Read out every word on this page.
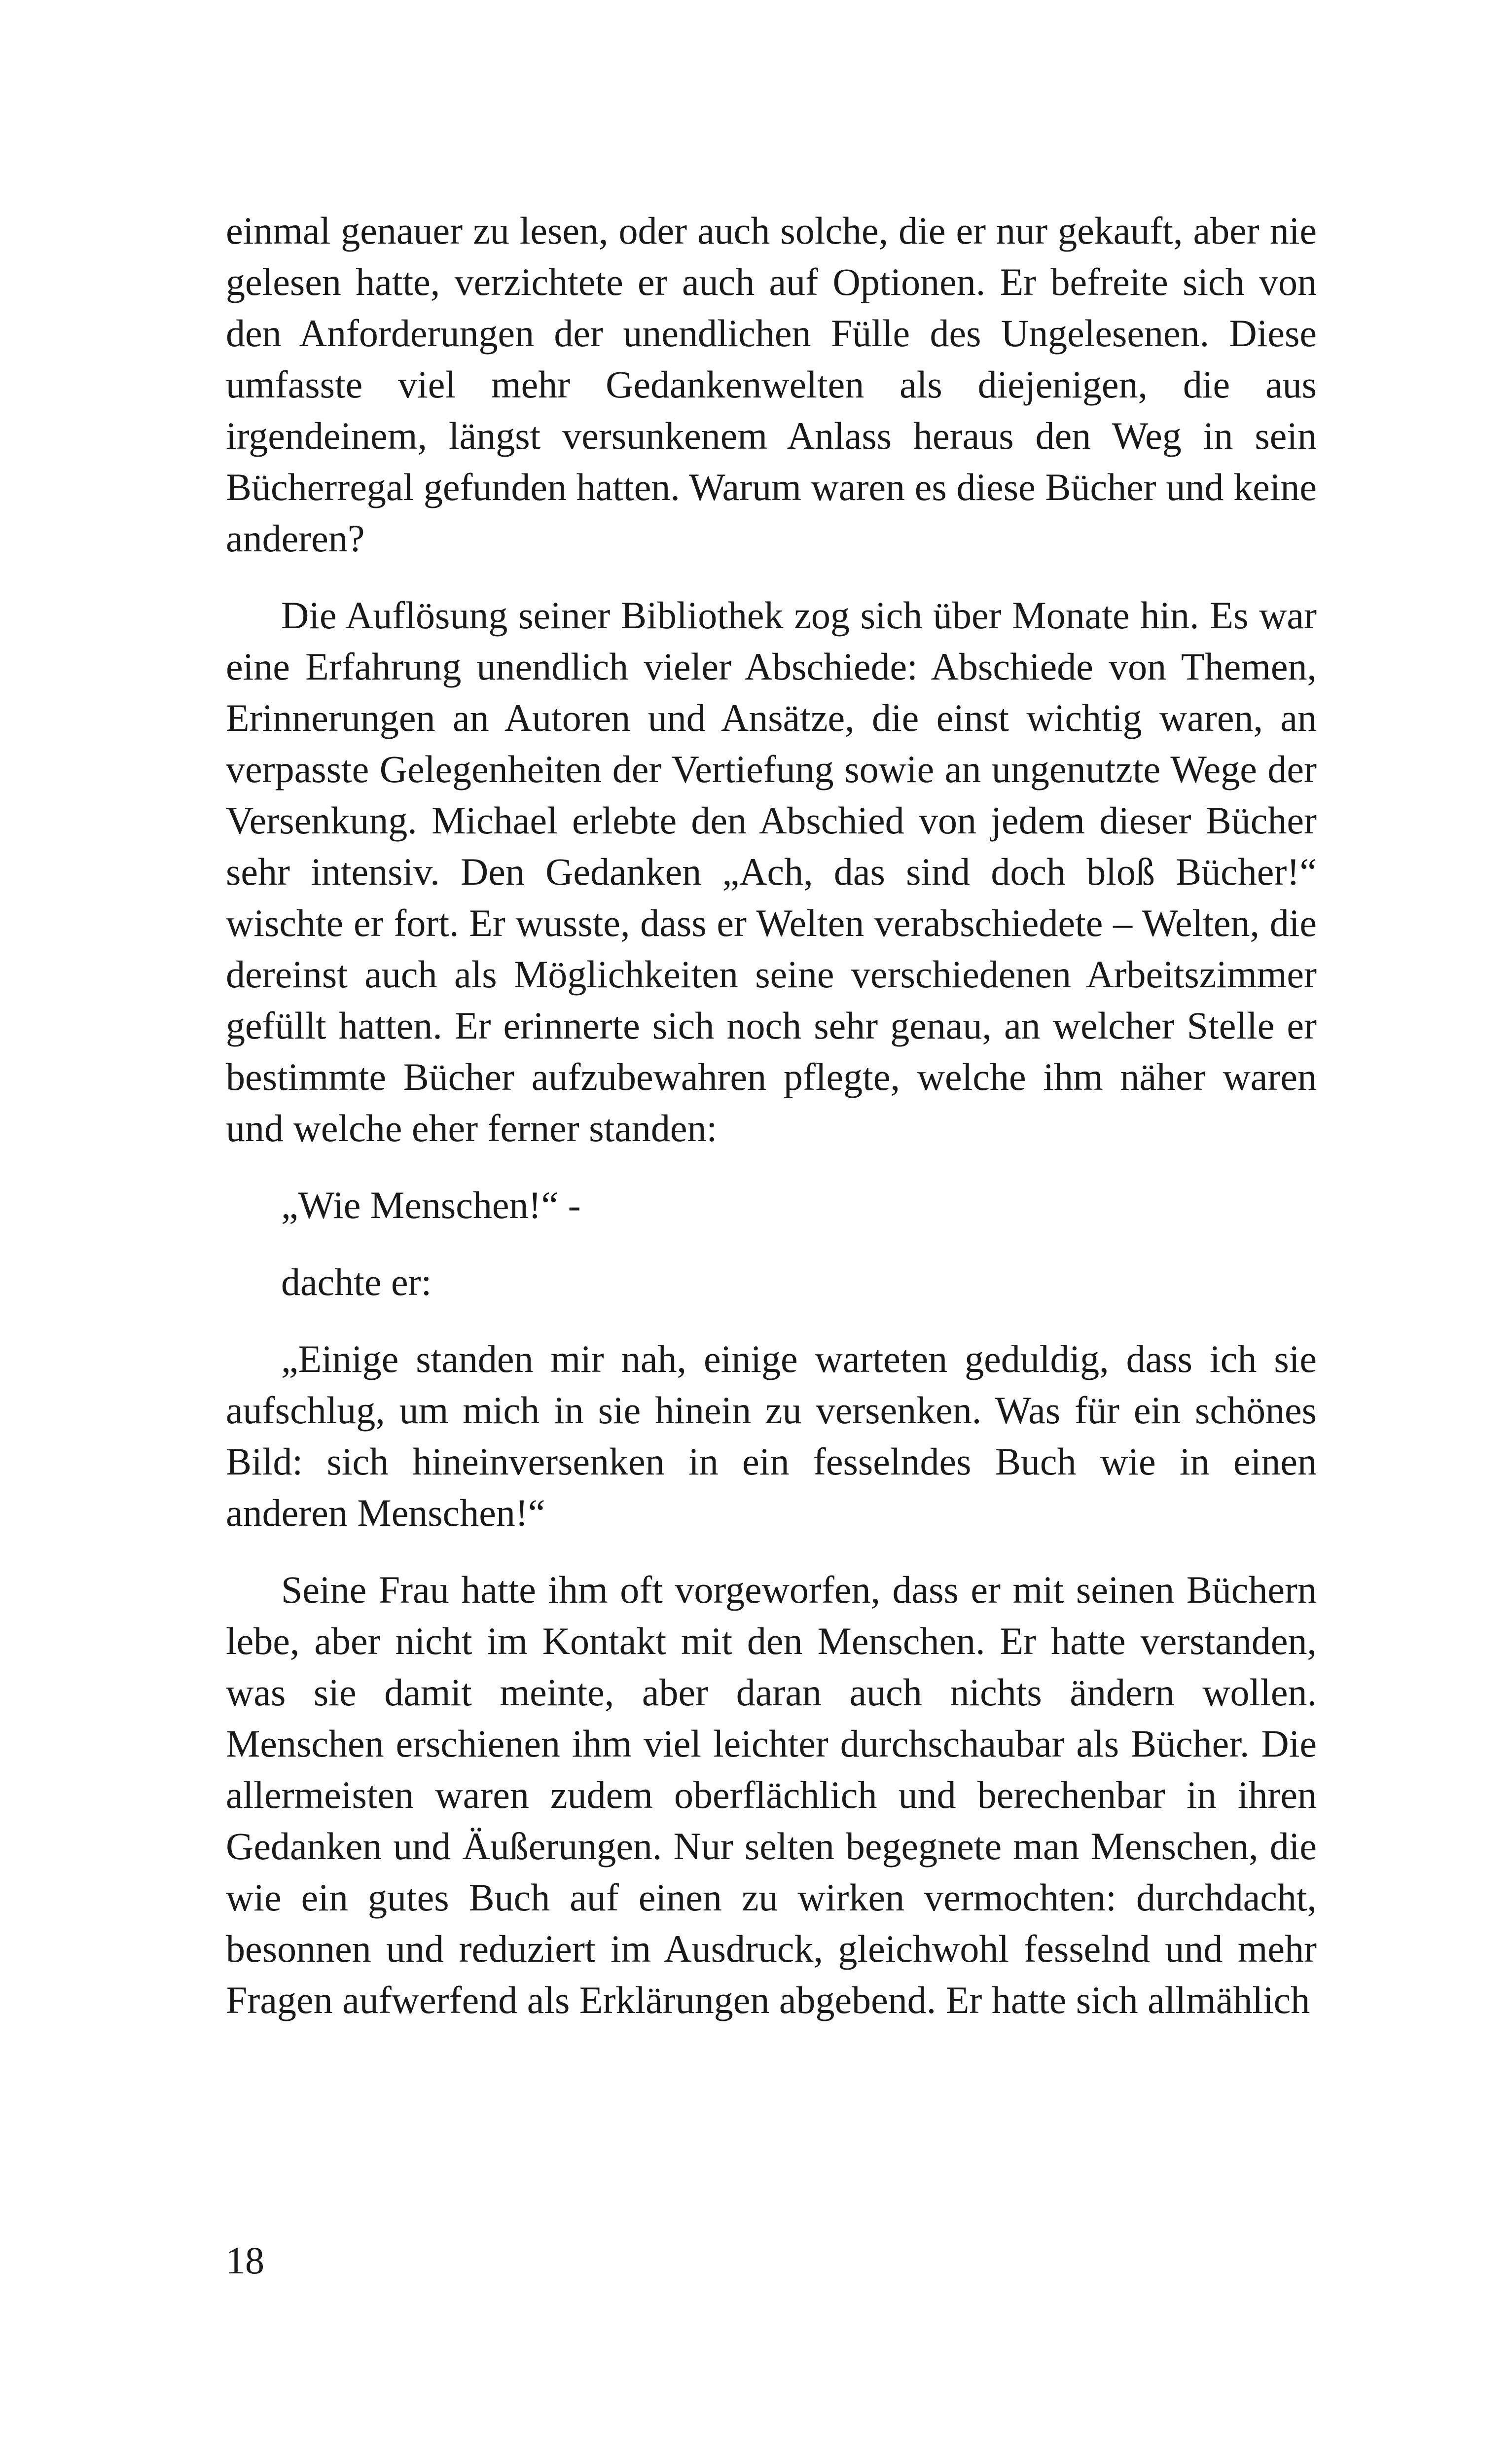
einmal genauer zu lesen, oder auch solche, die er nur gekauft, aber nie gelesen hatte, verzichtete er auch auf Optionen. Er befreite sich von den Anforderungen der unendlichen Fülle des Ungelesenen. Diese umfasste viel mehr Gedankenwelten als diejenigen, die aus irgendeinem, längst versunkenem Anlass heraus den Weg in sein Bücherregal gefunden hatten. Warum waren es diese Bücher und keine anderen?

Die Auflösung seiner Bibliothek zog sich über Monate hin. Es war eine Erfahrung unendlich vieler Abschiede: Abschiede von Themen, Erinnerungen an Autoren und Ansätze, die einst wichtig waren, an verpasste Gelegenheiten der Vertiefung sowie an ungenutzte Wege der Versenkung. Michael erlebte den Abschied von jedem dieser Bücher sehr intensiv. Den Gedanken „Ach, das sind doch bloß Bücher!“ wischte er fort. Er wusste, dass er Welten verabschiedete – Welten, die dereinst auch als Möglichkeiten seine verschiedenen Arbeitszimmer gefüllt hatten. Er erinnerte sich noch sehr genau, an welcher Stelle er bestimmte Bücher aufzubewahren pflegte, welche ihm näher waren und welche eher ferner standen:

„Wie Menschen!“ -

dachte er:

„Einige standen mir nah, einige warteten geduldig, dass ich sie aufschlug, um mich in sie hinein zu versenken. Was für ein schönes Bild: sich hineinversenken in ein fesselndes Buch wie in einen anderen Menschen!“

Seine Frau hatte ihm oft vorgeworfen, dass er mit seinen Büchern lebe, aber nicht im Kontakt mit den Menschen. Er hatte verstanden, was sie damit meinte, aber daran auch nichts ändern wollen. Menschen erschienen ihm viel leichter durchschaubar als Bücher. Die allermeisten waren zudem oberflächlich und berechenbar in ihren Gedanken und Äußerungen. Nur selten begegnete man Menschen, die wie ein gutes Buch auf einen zu wirken vermochten: durchdacht, besonnen und reduziert im Ausdruck, gleichwohl fesselnd und mehr Fragen aufwerfend als Erklärungen abgebend. Er hatte sich allmählich

18
